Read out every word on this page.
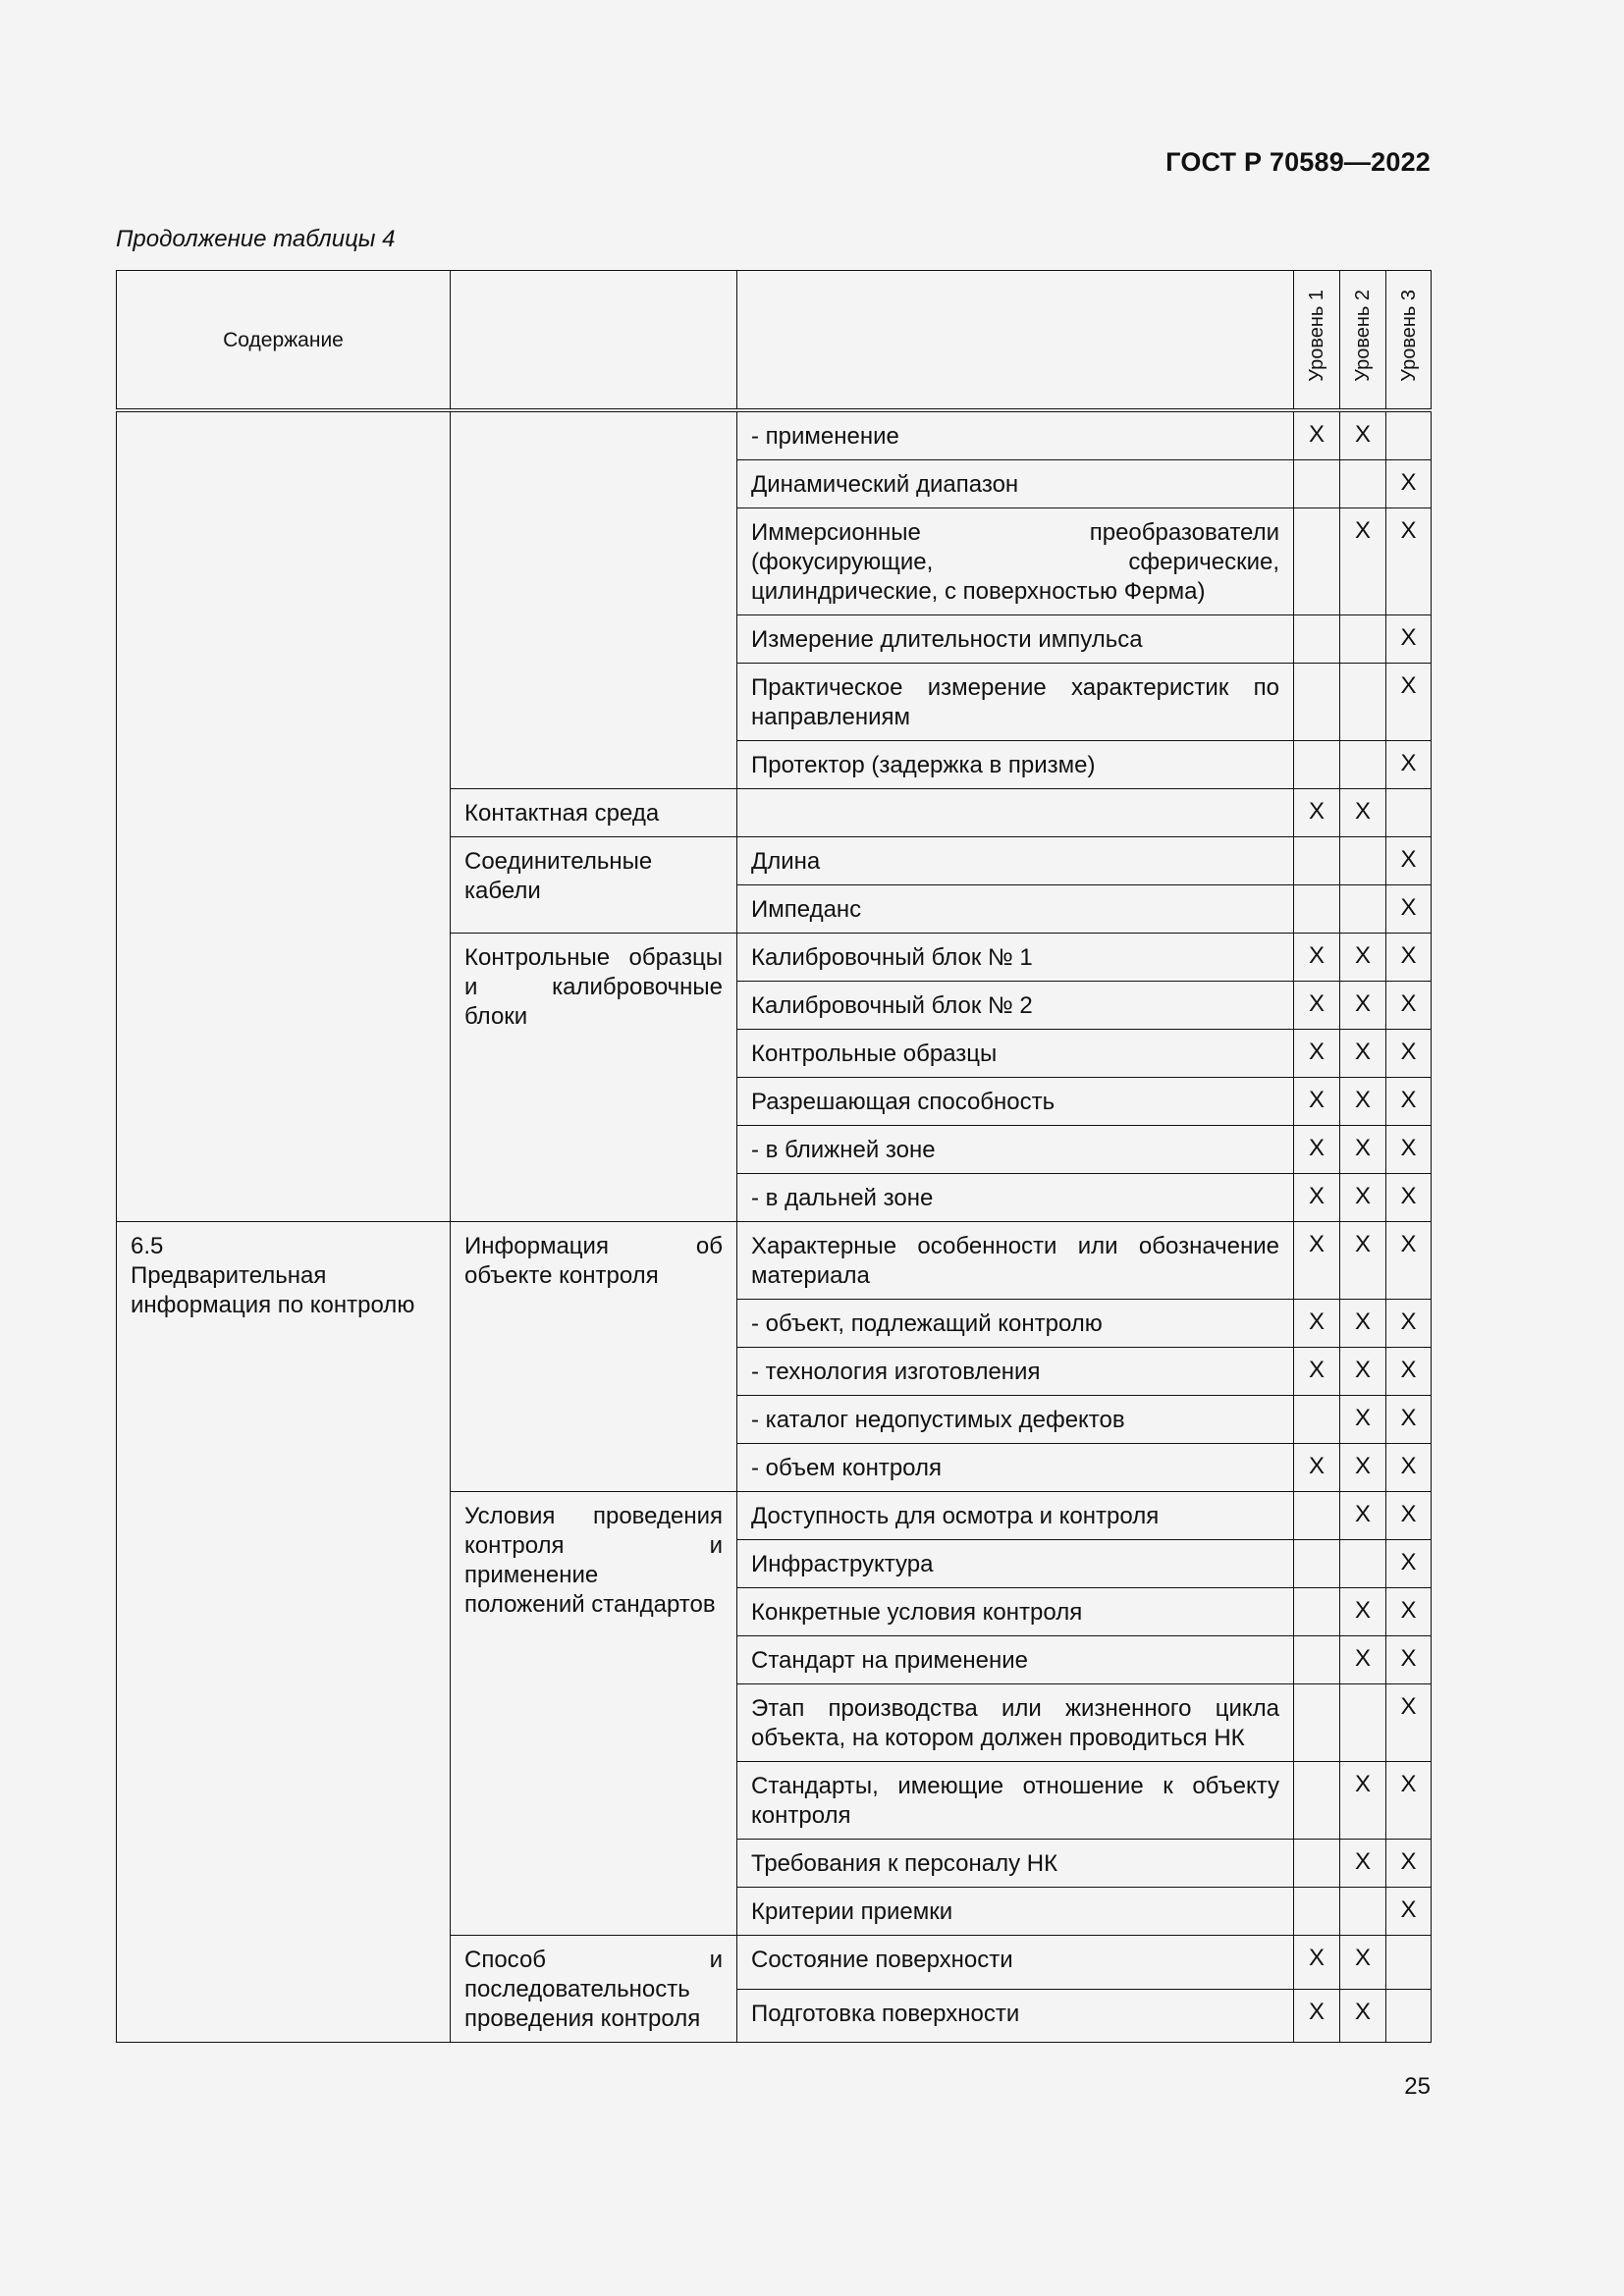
ГОСТ Р 70589—2022
Продолжение таблицы 4
Содержание			Уровень 1	Уровень 2	Уровень 3

		- применение	X	X	
		Динамический диапазон			X
		Иммерсионные преобразователи (фокусирующие, сферические, цилиндрические, с поверхностью Ферма)		X	X
		Измерение длительности импульса			X
		Практическое измерение характеристик по направлениям			X
		Протектор (задержка в призме)			X
	Контактная среда		X	X	
	Соединительные кабели	Длина			X
		Импеданс			X
	Контрольные образцы и калибровочные блоки	Калибровочный блок № 1	X	X	X
		Калибровочный блок № 2	X	X	X
		Контрольные образцы	X	X	X
		Разрешающая способность	X	X	X
		- в ближней зоне	X	X	X
		- в дальней зоне	X	X	X

6.5
Предварительная информация по контролю	Информация об объекте контроля	Характерные особенности или обозначение материала	X	X	X
		- объект, подлежащий контролю	X	X	X
		- технология изготовления	X	X	X
		- каталог недопустимых дефектов		X	X
		- объем контроля	X	X	X
	Условия проведения контроля и применение положений стандартов	Доступность для осмотра и контроля		X	X
		Инфраструктура			X
		Конкретные условия контроля		X	X
		Стандарт на применение		X	X
		Этап производства или жизненного цикла объекта, на котором должен проводиться НК			X
		Стандарты, имеющие отношение к объекту контроля		X	X
		Требования к персоналу НК		X	X
		Критерии приемки			X
	Способ и последовательность проведения контроля	Состояние поверхности	X	X	
		Подготовка поверхности	X	X	
25
